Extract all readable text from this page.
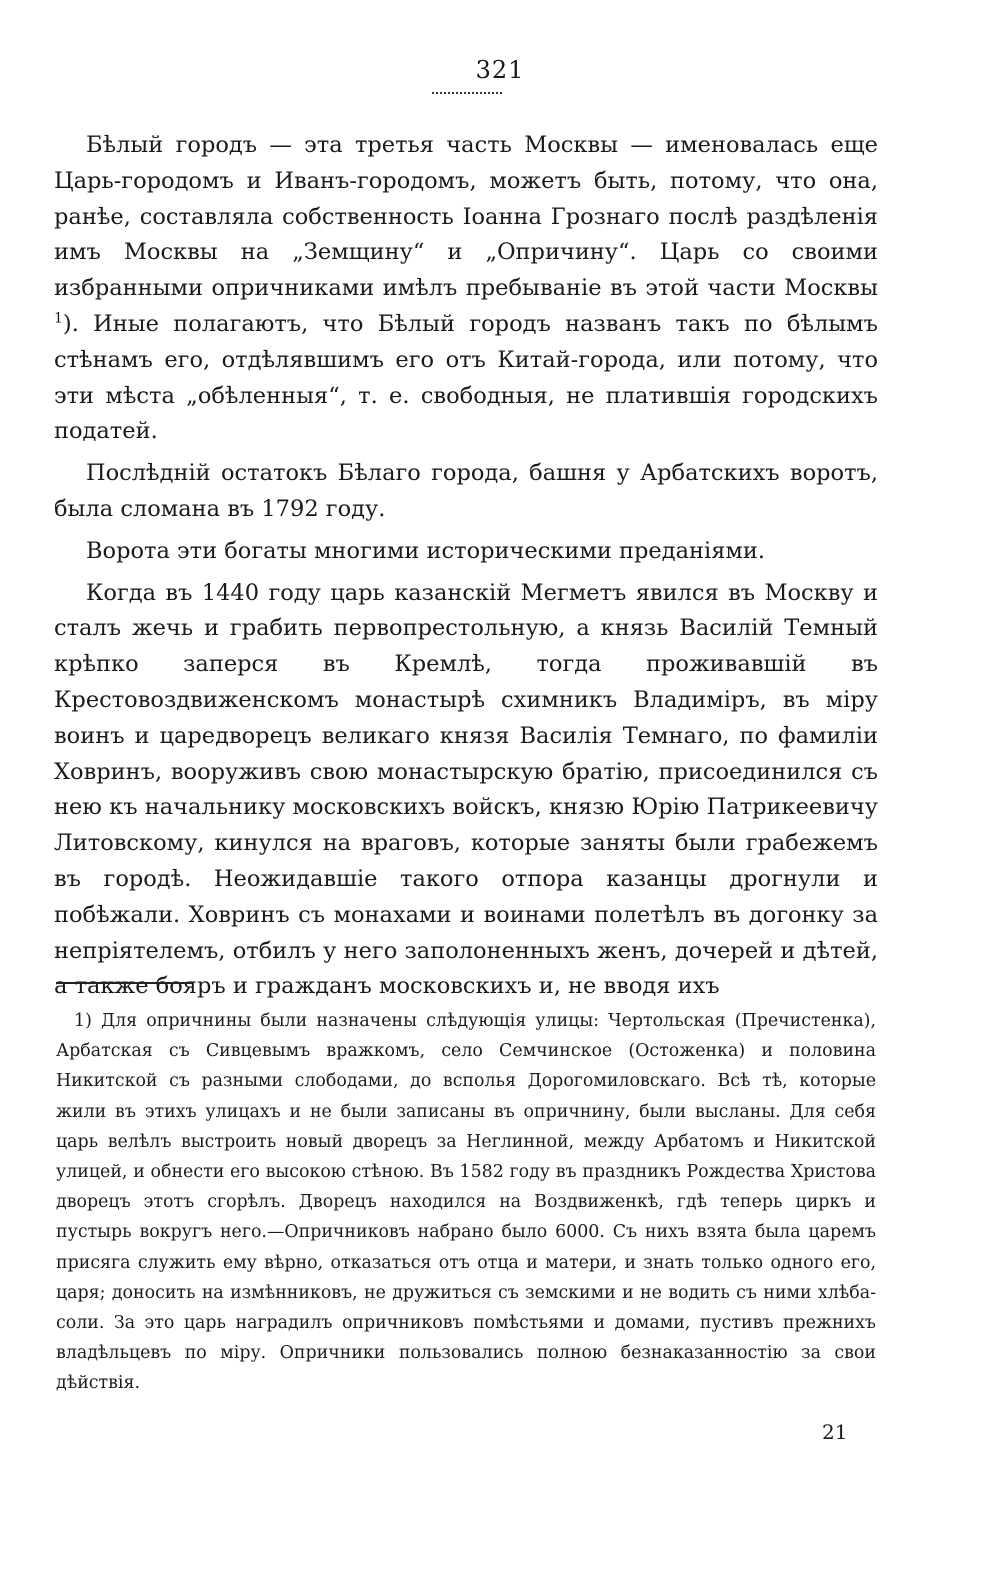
321

Бѣлый городъ — эта третья часть Москвы — именовалась еще Царь-городомъ и Иванъ-городомъ, можетъ быть, потому, что она, ранѣе, составляла собственность Іоанна Грознаго послѣ раздѣленія имъ Москвы на „Земщину“ и „Опричину“. Царь со своими избранными опричниками имѣлъ пребываніе въ этой части Москвы $^1$). Иные полагаютъ, что Бѣлый городъ названъ такъ по бѣлымъ стѣнамъ его, отдѣлявшимъ его отъ Китай-города, или потому, что эти мѣста „обѣленныя“, т. е. свободныя, не платившія городскихъ податей.

Послѣдній остатокъ Бѣлаго города, башня у Арбатскихъ воротъ, была сломана въ 1792 году.

Ворота эти богаты многими историческими преданіями.

Когда въ 1440 году царь казанскій Мегметъ явился въ Москву и сталъ жечь и грабить первопрестольную, а князь Василій Темный крѣпко заперся въ Кремлѣ, тогда проживавшій въ Крестовоздвиженскомъ монастырѣ схимникъ Владиміръ, въ міру воинъ и царедворецъ великаго князя Василія Темнаго, по фамиліи Ховринъ, вооруживъ свою монастырскую братію, присоединился съ нею къ начальнику московскихъ войскъ, князю Юрію Патрикеевичу Литовскому, кинулся на враговъ, которые заняты были грабежемъ въ городѣ. Неожидавшіе такого отпора казанцы дрогнули и побѣжали. Ховринъ съ монахами и воинами полетѣлъ въ догонку за непріятелемъ, отбилъ у него заполоненныхъ женъ, дочерей и дѣтей, а также бояръ и гражданъ московскихъ и, не вводя ихъ

1) Для опричнины были назначены слѣдующія улицы: Чертольская (Пречистенка), Арбатская съ Сивцевымъ вражкомъ, село Семчинское (Остоженка) и половина Никитской съ разными слободами, до всполья Дорогомиловскаго. Всѣ тѣ, которые жили въ этихъ улицахъ и не были записаны въ опричнину, были высланы. Для себя царь велѣлъ выстроить новый дворецъ за Неглинной, между Арбатомъ и Никитской улицей, и обнести его высокою стѣною. Въ 1582 году въ праздникъ Рождества Христова дворецъ этотъ сгорѣлъ. Дворецъ находился на Воздвиженкѣ, гдѣ теперь циркъ и пустырь вокругъ него.—Опричниковъ набрано было 6000. Съ нихъ взята была царемъ присяга служить ему вѣрно, отказаться отъ отца и матери, и знать только одного его, царя; доносить на измѣнниковъ, не дружиться съ земскими и не водить съ ними хлѣба-соли. За это царь наградилъ опричниковъ помѣстьями и домами, пустивъ прежнихъ владѣльцевъ по міру. Опричники пользовались полною безнаказанностію за свои дѣйствія.

21
